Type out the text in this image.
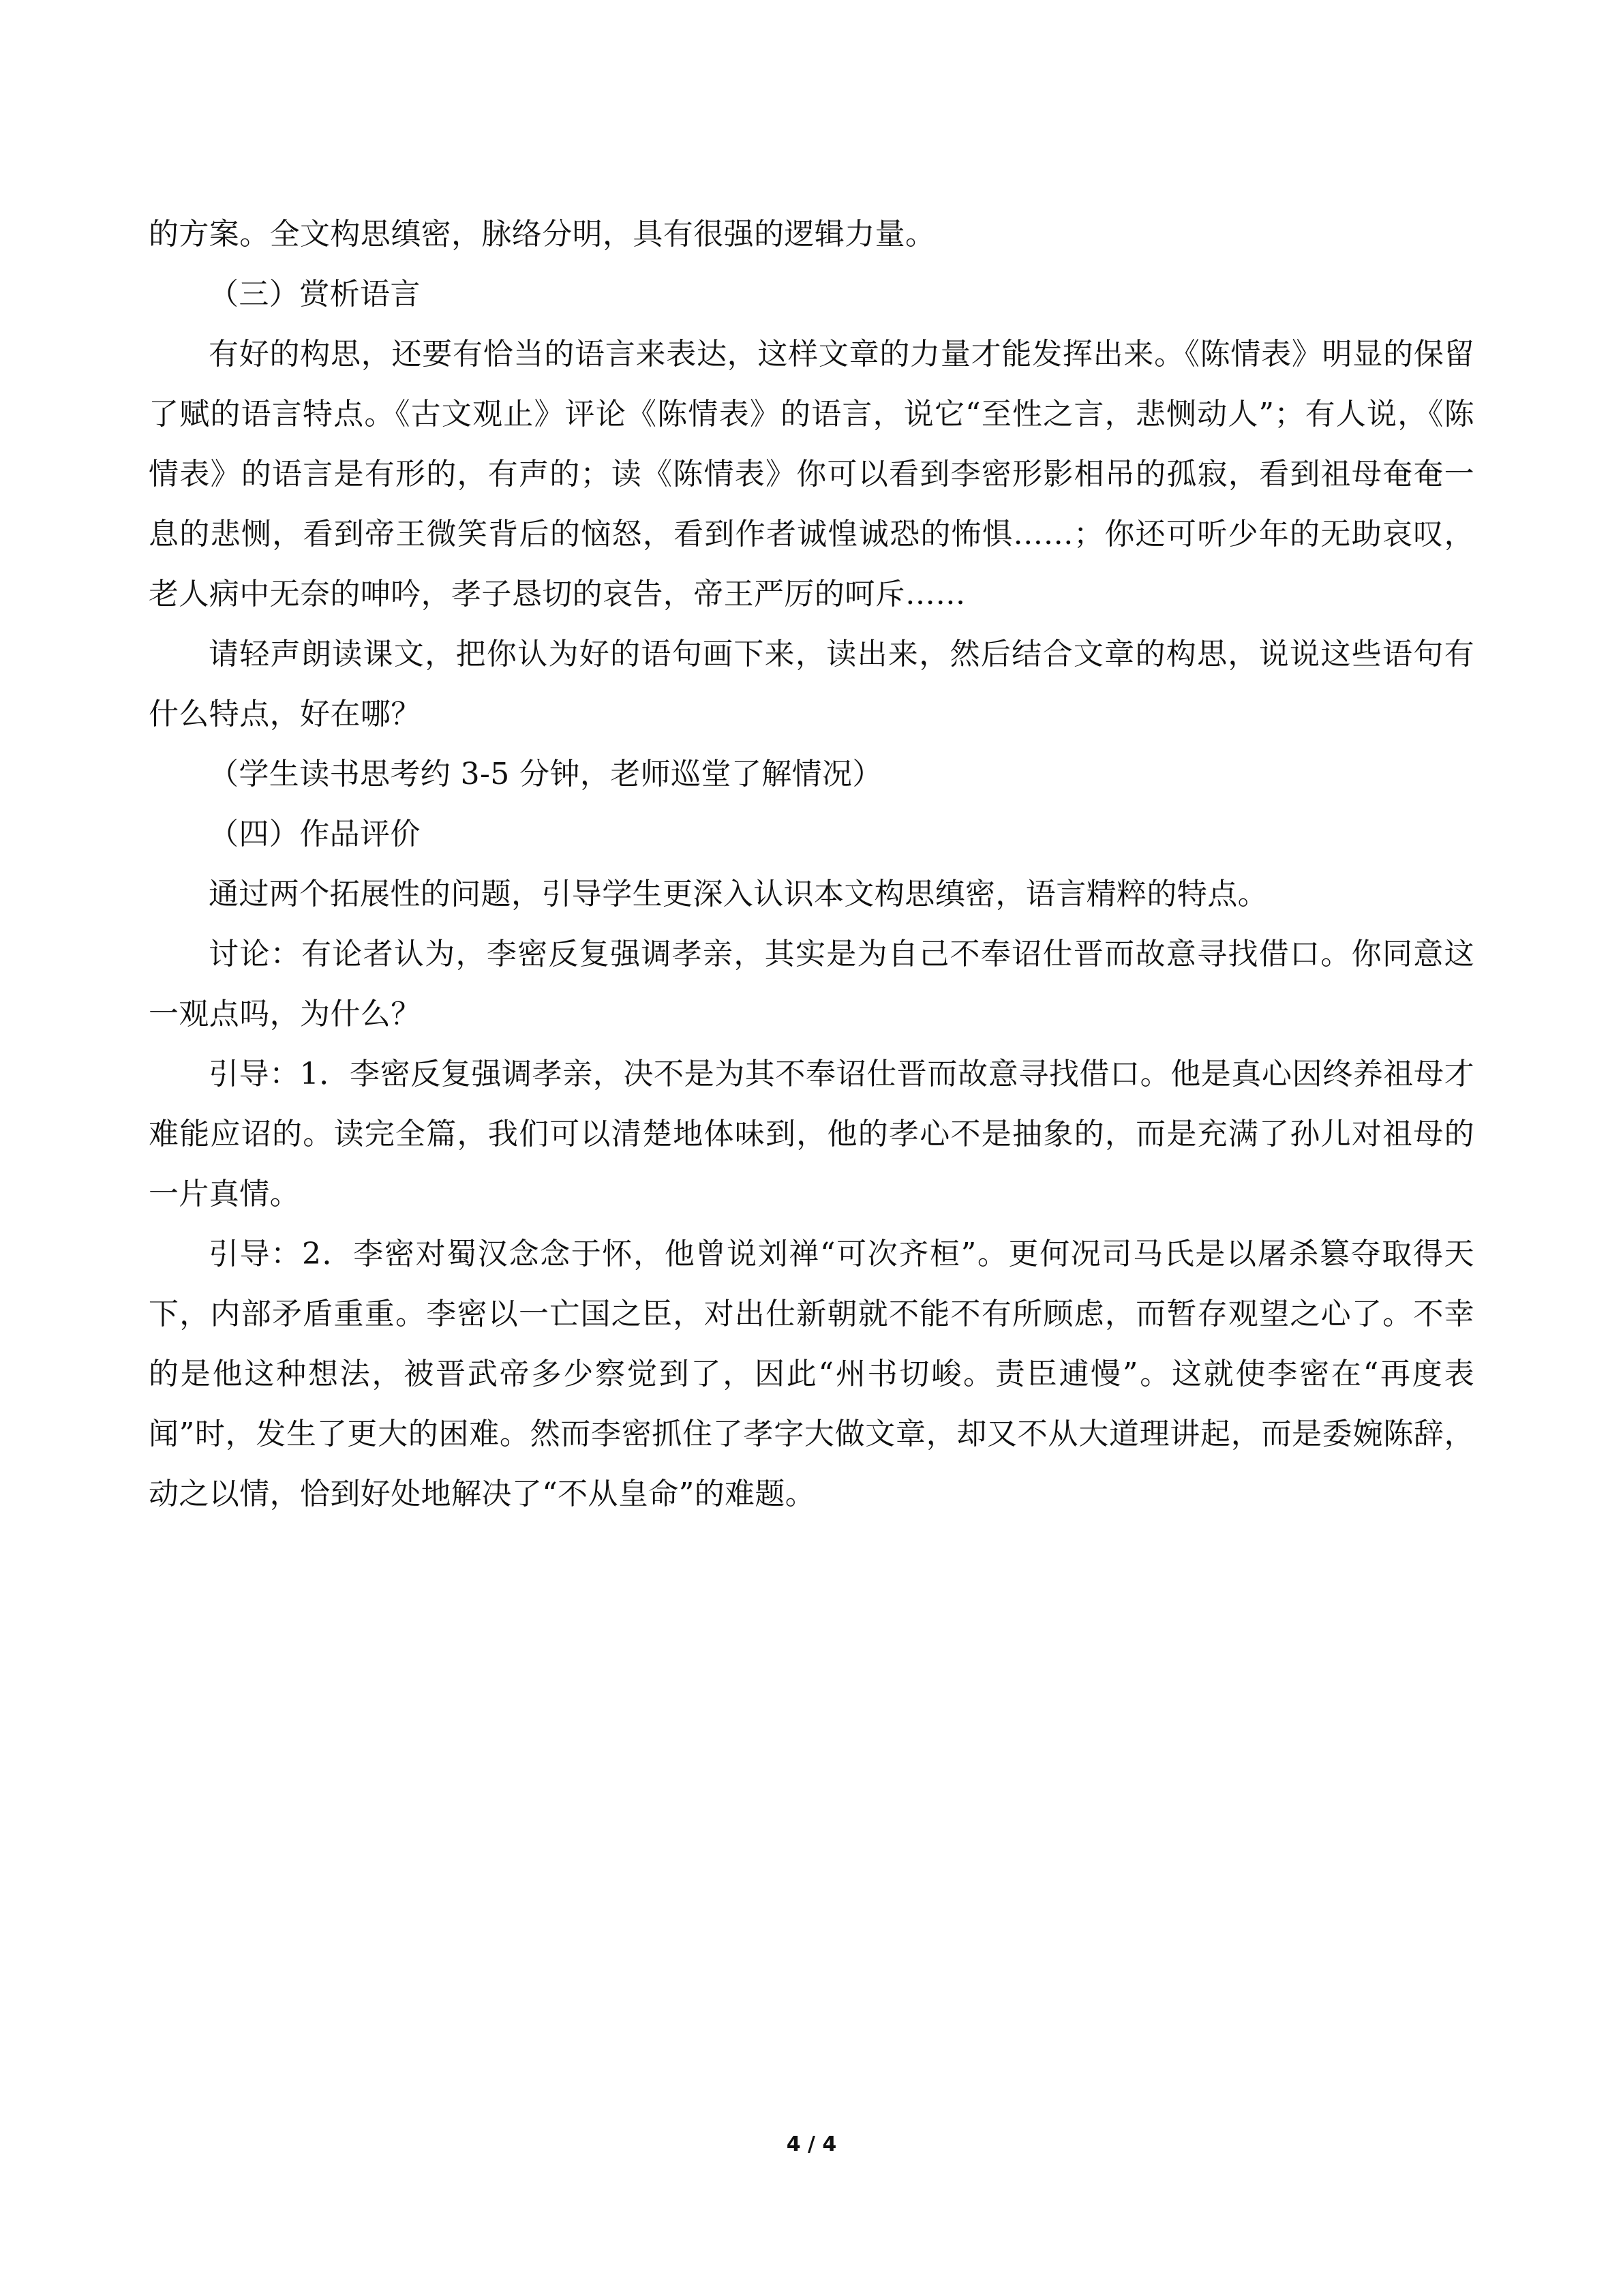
的方案。全文构思缜密，脉络分明，具有很强的逻辑力量。

（三）赏析语言

有好的构思，还要有恰当的语言来表达，这样文章的力量才能发挥出来。《陈情表》明显的保留了赋的语言特点。《古文观止》评论《陈情表》的语言，说它“至性之言，悲恻动人”；有人说，《陈情表》的语言是有形的，有声的；读《陈情表》你可以看到李密形影相吊的孤寂，看到祖母奄奄一息的悲恻，看到帝王微笑背后的恼怒，看到作者诚惶诚恐的怖惧……；你还可听少年的无助哀叹，老人病中无奈的呻吟，孝子恳切的哀告，帝王严厉的呵斥……

请轻声朗读课文，把你认为好的语句画下来，读出来，然后结合文章的构思，说说这些语句有什么特点，好在哪？

（学生读书思考约 3-5 分钟，老师巡堂了解情况）

（四）作品评价

通过两个拓展性的问题，引导学生更深入认识本文构思缜密，语言精粹的特点。

讨论：有论者认为，李密反复强调孝亲，其实是为自己不奉诏仕晋而故意寻找借口。你同意这一观点吗，为什么？

引导：1．李密反复强调孝亲，决不是为其不奉诏仕晋而故意寻找借口。他是真心因终养祖母才难能应诏的。读完全篇，我们可以清楚地体味到，他的孝心不是抽象的，而是充满了孙儿对祖母的一片真情。

引导：2．李密对蜀汉念念于怀，他曾说刘禅“可次齐桓”。更何况司马氏是以屠杀篡夺取得天下，内部矛盾重重。李密以一亡国之臣，对出仕新朝就不能不有所顾虑，而暂存观望之心了。不幸的是他这种想法，被晋武帝多少察觉到了，因此“州书切峻。责臣逋慢”。这就使李密在“再度表闻”时，发生了更大的困难。然而李密抓住了孝字大做文章，却又不从大道理讲起，而是委婉陈辞，动之以情，恰到好处地解决了“不从皇命”的难题。

4 / 4
